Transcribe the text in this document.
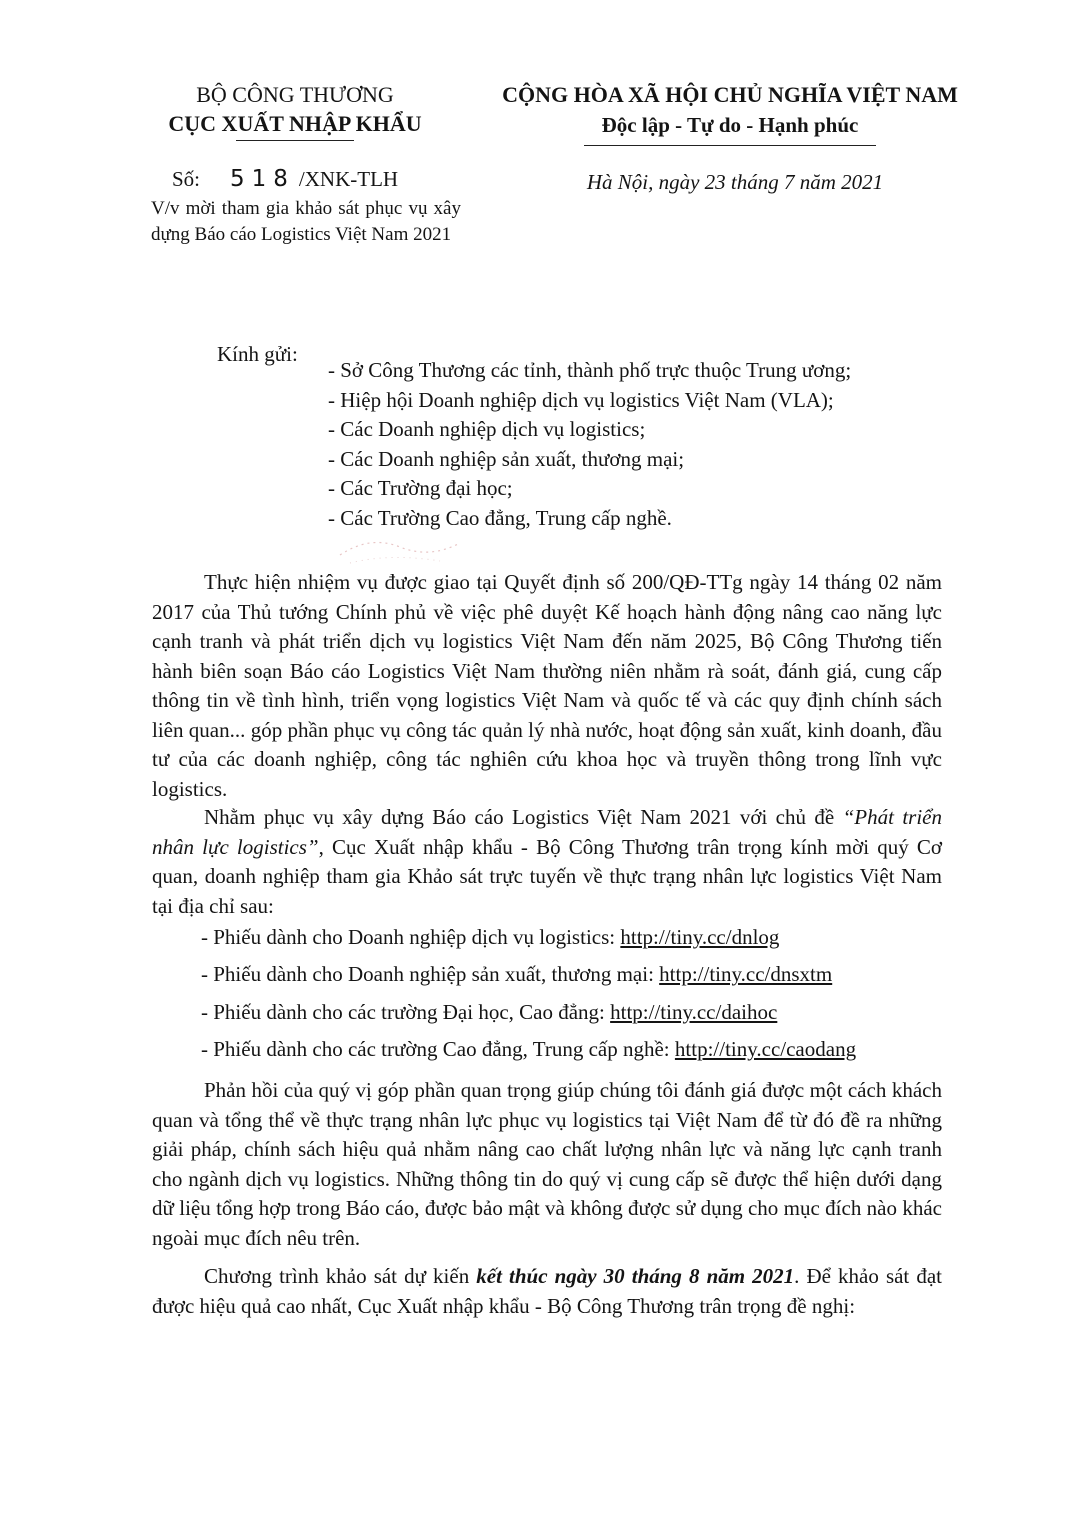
BỘ CÔNG THƯƠNG
CỤC XUẤT NHẬP KHẨU
CỘNG HÒA XÃ HỘI CHỦ NGHĨA VIỆT NAM
Độc lập - Tự do - Hạnh phúc
Số: 518 /XNK-TLH
V/v mời tham gia khảo sát phục vụ xây dựng Báo cáo Logistics Việt Nam 2021
Hà Nội, ngày 23 tháng 7 năm 2021
Kính gửi:
- Sở Công Thương các tỉnh, thành phố trực thuộc Trung ương;
- Hiệp hội Doanh nghiệp dịch vụ logistics Việt Nam (VLA);
- Các Doanh nghiệp dịch vụ logistics;
- Các Doanh nghiệp sản xuất, thương mại;
- Các Trường đại học;
- Các Trường Cao đẳng, Trung cấp nghề.

Thực hiện nhiệm vụ được giao tại Quyết định số 200/QĐ-TTg ngày 14 tháng 02 năm 2017 của Thủ tướng Chính phủ về việc phê duyệt Kế hoạch hành động nâng cao năng lực cạnh tranh và phát triển dịch vụ logistics Việt Nam đến năm 2025, Bộ Công Thương tiến hành biên soạn Báo cáo Logistics Việt Nam thường niên nhằm rà soát, đánh giá, cung cấp thông tin về tình hình, triển vọng logistics Việt Nam và quốc tế và các quy định chính sách liên quan... góp phần phục vụ công tác quản lý nhà nước, hoạt động sản xuất, kinh doanh, đầu tư của các doanh nghiệp, công tác nghiên cứu khoa học và truyền thông trong lĩnh vực logistics.

Nhằm phục vụ xây dựng Báo cáo Logistics Việt Nam 2021 với chủ đề “Phát triển nhân lực logistics”, Cục Xuất nhập khẩu - Bộ Công Thương trân trọng kính mời quý Cơ quan, doanh nghiệp tham gia Khảo sát trực tuyến về thực trạng nhân lực logistics Việt Nam tại địa chỉ sau:

- Phiếu dành cho Doanh nghiệp dịch vụ logistics: http://tiny.cc/dnlog
- Phiếu dành cho Doanh nghiệp sản xuất, thương mại: http://tiny.cc/dnsxtm
- Phiếu dành cho các trường Đại học, Cao đẳng: http://tiny.cc/daihoc
- Phiếu dành cho các trường Cao đẳng, Trung cấp nghề: http://tiny.cc/caodang

Phản hồi của quý vị góp phần quan trọng giúp chúng tôi đánh giá được một cách khách quan và tổng thể về thực trạng nhân lực phục vụ logistics tại Việt Nam để từ đó đề ra những giải pháp, chính sách hiệu quả nhằm nâng cao chất lượng nhân lực và năng lực cạnh tranh cho ngành dịch vụ logistics. Những thông tin do quý vị cung cấp sẽ được thể hiện dưới dạng dữ liệu tổng hợp trong Báo cáo, được bảo mật và không được sử dụng cho mục đích nào khác ngoài mục đích nêu trên.

Chương trình khảo sát dự kiến kết thúc ngày 30 tháng 8 năm 2021. Để khảo sát đạt được hiệu quả cao nhất, Cục Xuất nhập khẩu - Bộ Công Thương trân trọng đề nghị:
